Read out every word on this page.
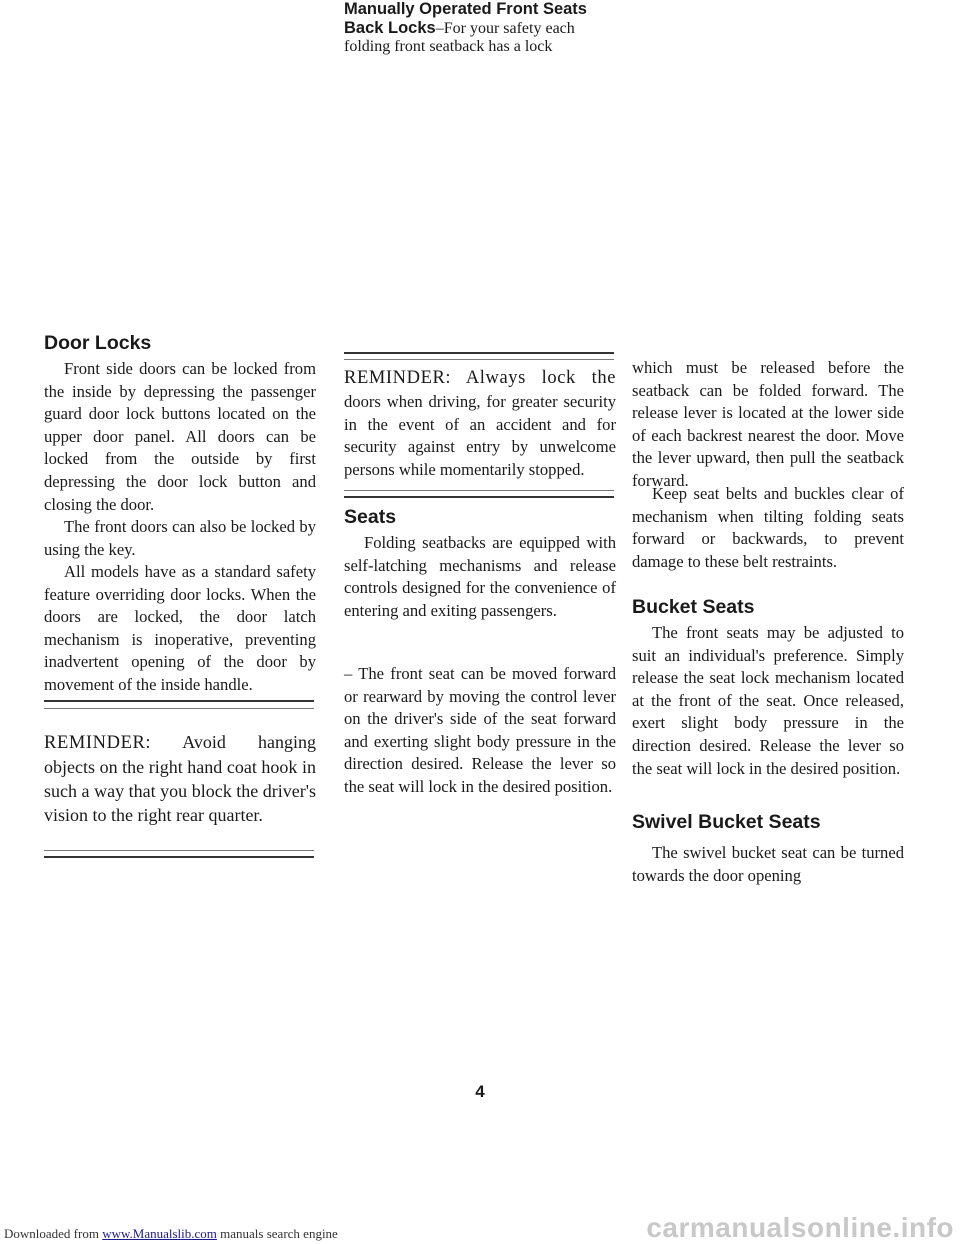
Door Locks

Front side doors can be locked from the inside by depressing the passenger guard door lock buttons located on the upper door panel. All doors can be locked from the outside by first depressing the door lock button and closing the door.

The front doors can also be locked by using the key.

All models have as a standard safety feature overriding door locks. When the doors are locked, the door latch mechanism is inoperative, preventing inadvertent opening of the door by movement of the inside handle.

REMINDER: Avoid hanging objects on the right hand coat hook in such a way that you block the driver's vision to the right rear quarter.
REMINDER: Always lock the
doors when driving, for greater security in the event of an accident and for security against entry by unwelcome persons while momentarily stopped.
Seats

Folding seatbacks are equipped with self-latching mechanisms and release controls designed for the convenience of entering and exiting passengers.

Manually Operated Front Seats

– The front seat can be moved forward or rearward by moving the control lever on the driver's side of the seat forward and exerting slight body pressure in the direction desired. Release the lever so the seat will lock in the desired position.

Back Locks–For your safety each folding front seatback has a lock

which must be released before the seatback can be folded forward. The release lever is located at the lower side of each backrest nearest the door. Move the lever upward, then pull the seatback forward.

Keep seat belts and buckles clear of mechanism when tilting folding seats forward or backwards, to prevent damage to these belt restraints.

Bucket Seats

The front seats may be adjusted to suit an individual's preference. Simply release the seat lock mechanism located at the front of the seat. Once released, exert slight body pressure in the direction desired. Release the lever so the seat will lock in the desired position.

Swivel Bucket Seats

The swivel bucket seat can be turned towards the door opening

4
Downloaded from www.Manualslib.com manuals search engine	carmanualsonline.info
